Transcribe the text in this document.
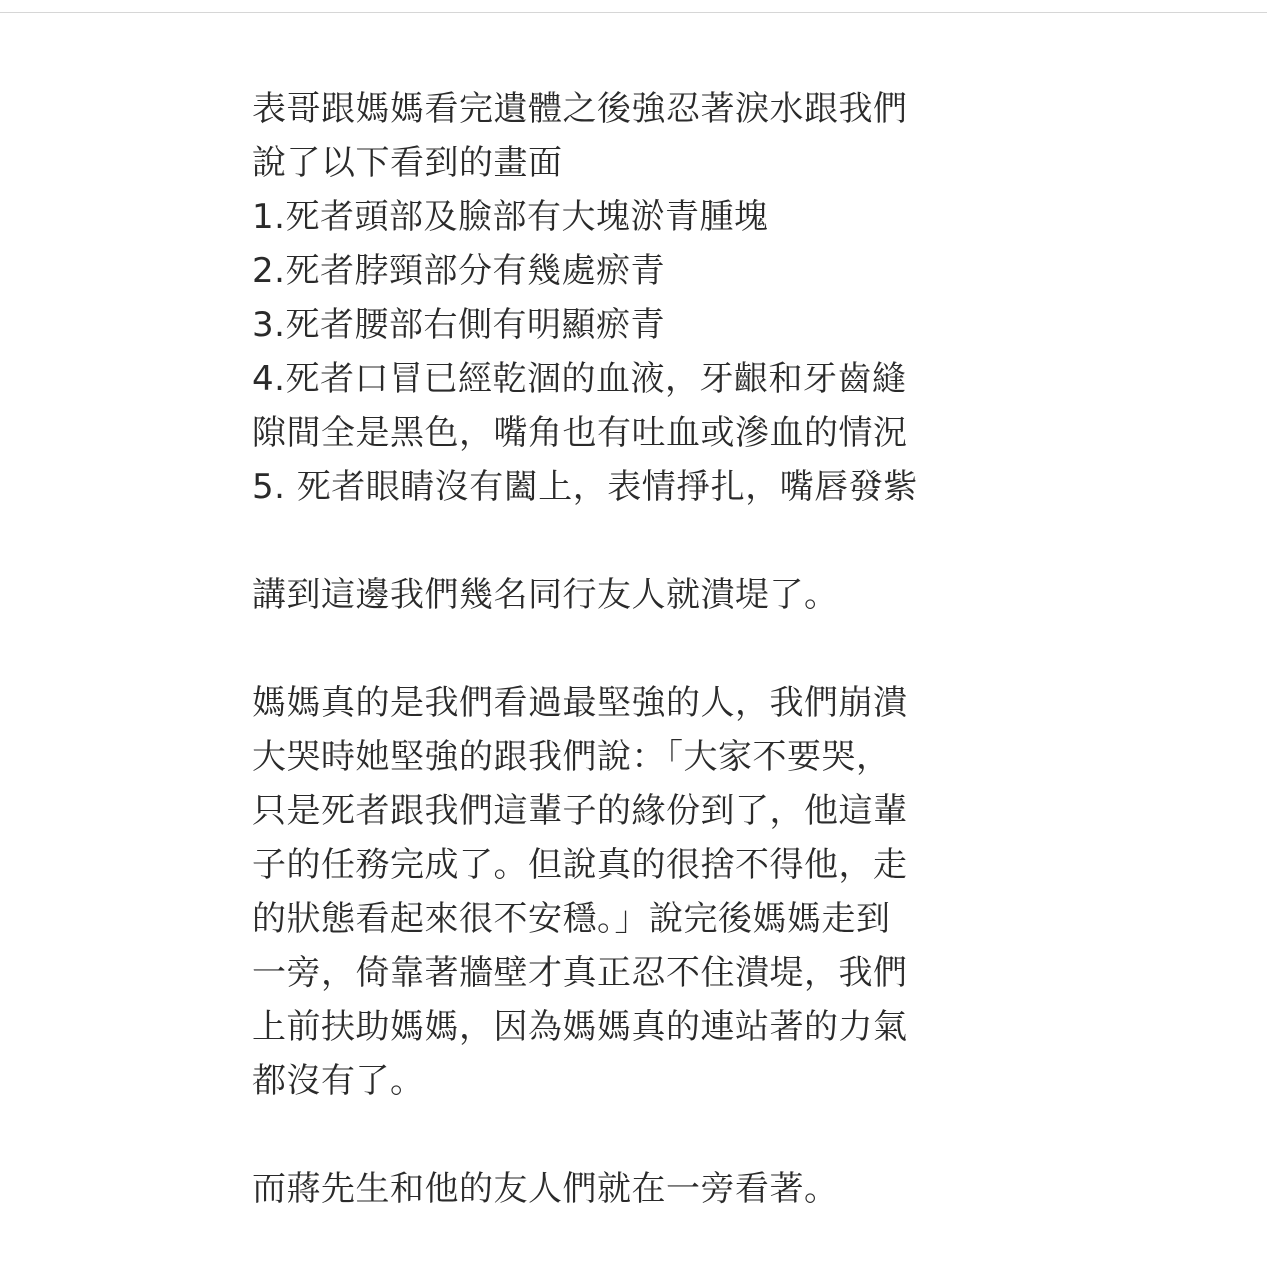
表哥跟媽媽看完遺體之後強忍著淚水跟我們
說了以下看到的畫面
1.死者頭部及臉部有大塊淤青腫塊
2.死者脖頸部分有幾處瘀青
3.死者腰部右側有明顯瘀青
4.死者口冒已經乾涸的血液，牙齦和牙齒縫
隙間全是黑色，嘴角也有吐血或滲血的情況
5. 死者眼睛沒有闔上，表情掙扎，嘴唇發紫
講到這邊我們幾名同行友人就潰堤了。
媽媽真的是我們看過最堅強的人，我們崩潰
大哭時她堅強的跟我們說：「大家不要哭，
只是死者跟我們這輩子的緣份到了，他這輩
子的任務完成了。但說真的很捨不得他，走
的狀態看起來很不安穩。」說完後媽媽走到
一旁，倚靠著牆壁才真正忍不住潰堤，我們
上前扶助媽媽，因為媽媽真的連站著的力氣
都沒有了。
而蔣先生和他的友人們就在一旁看著。
